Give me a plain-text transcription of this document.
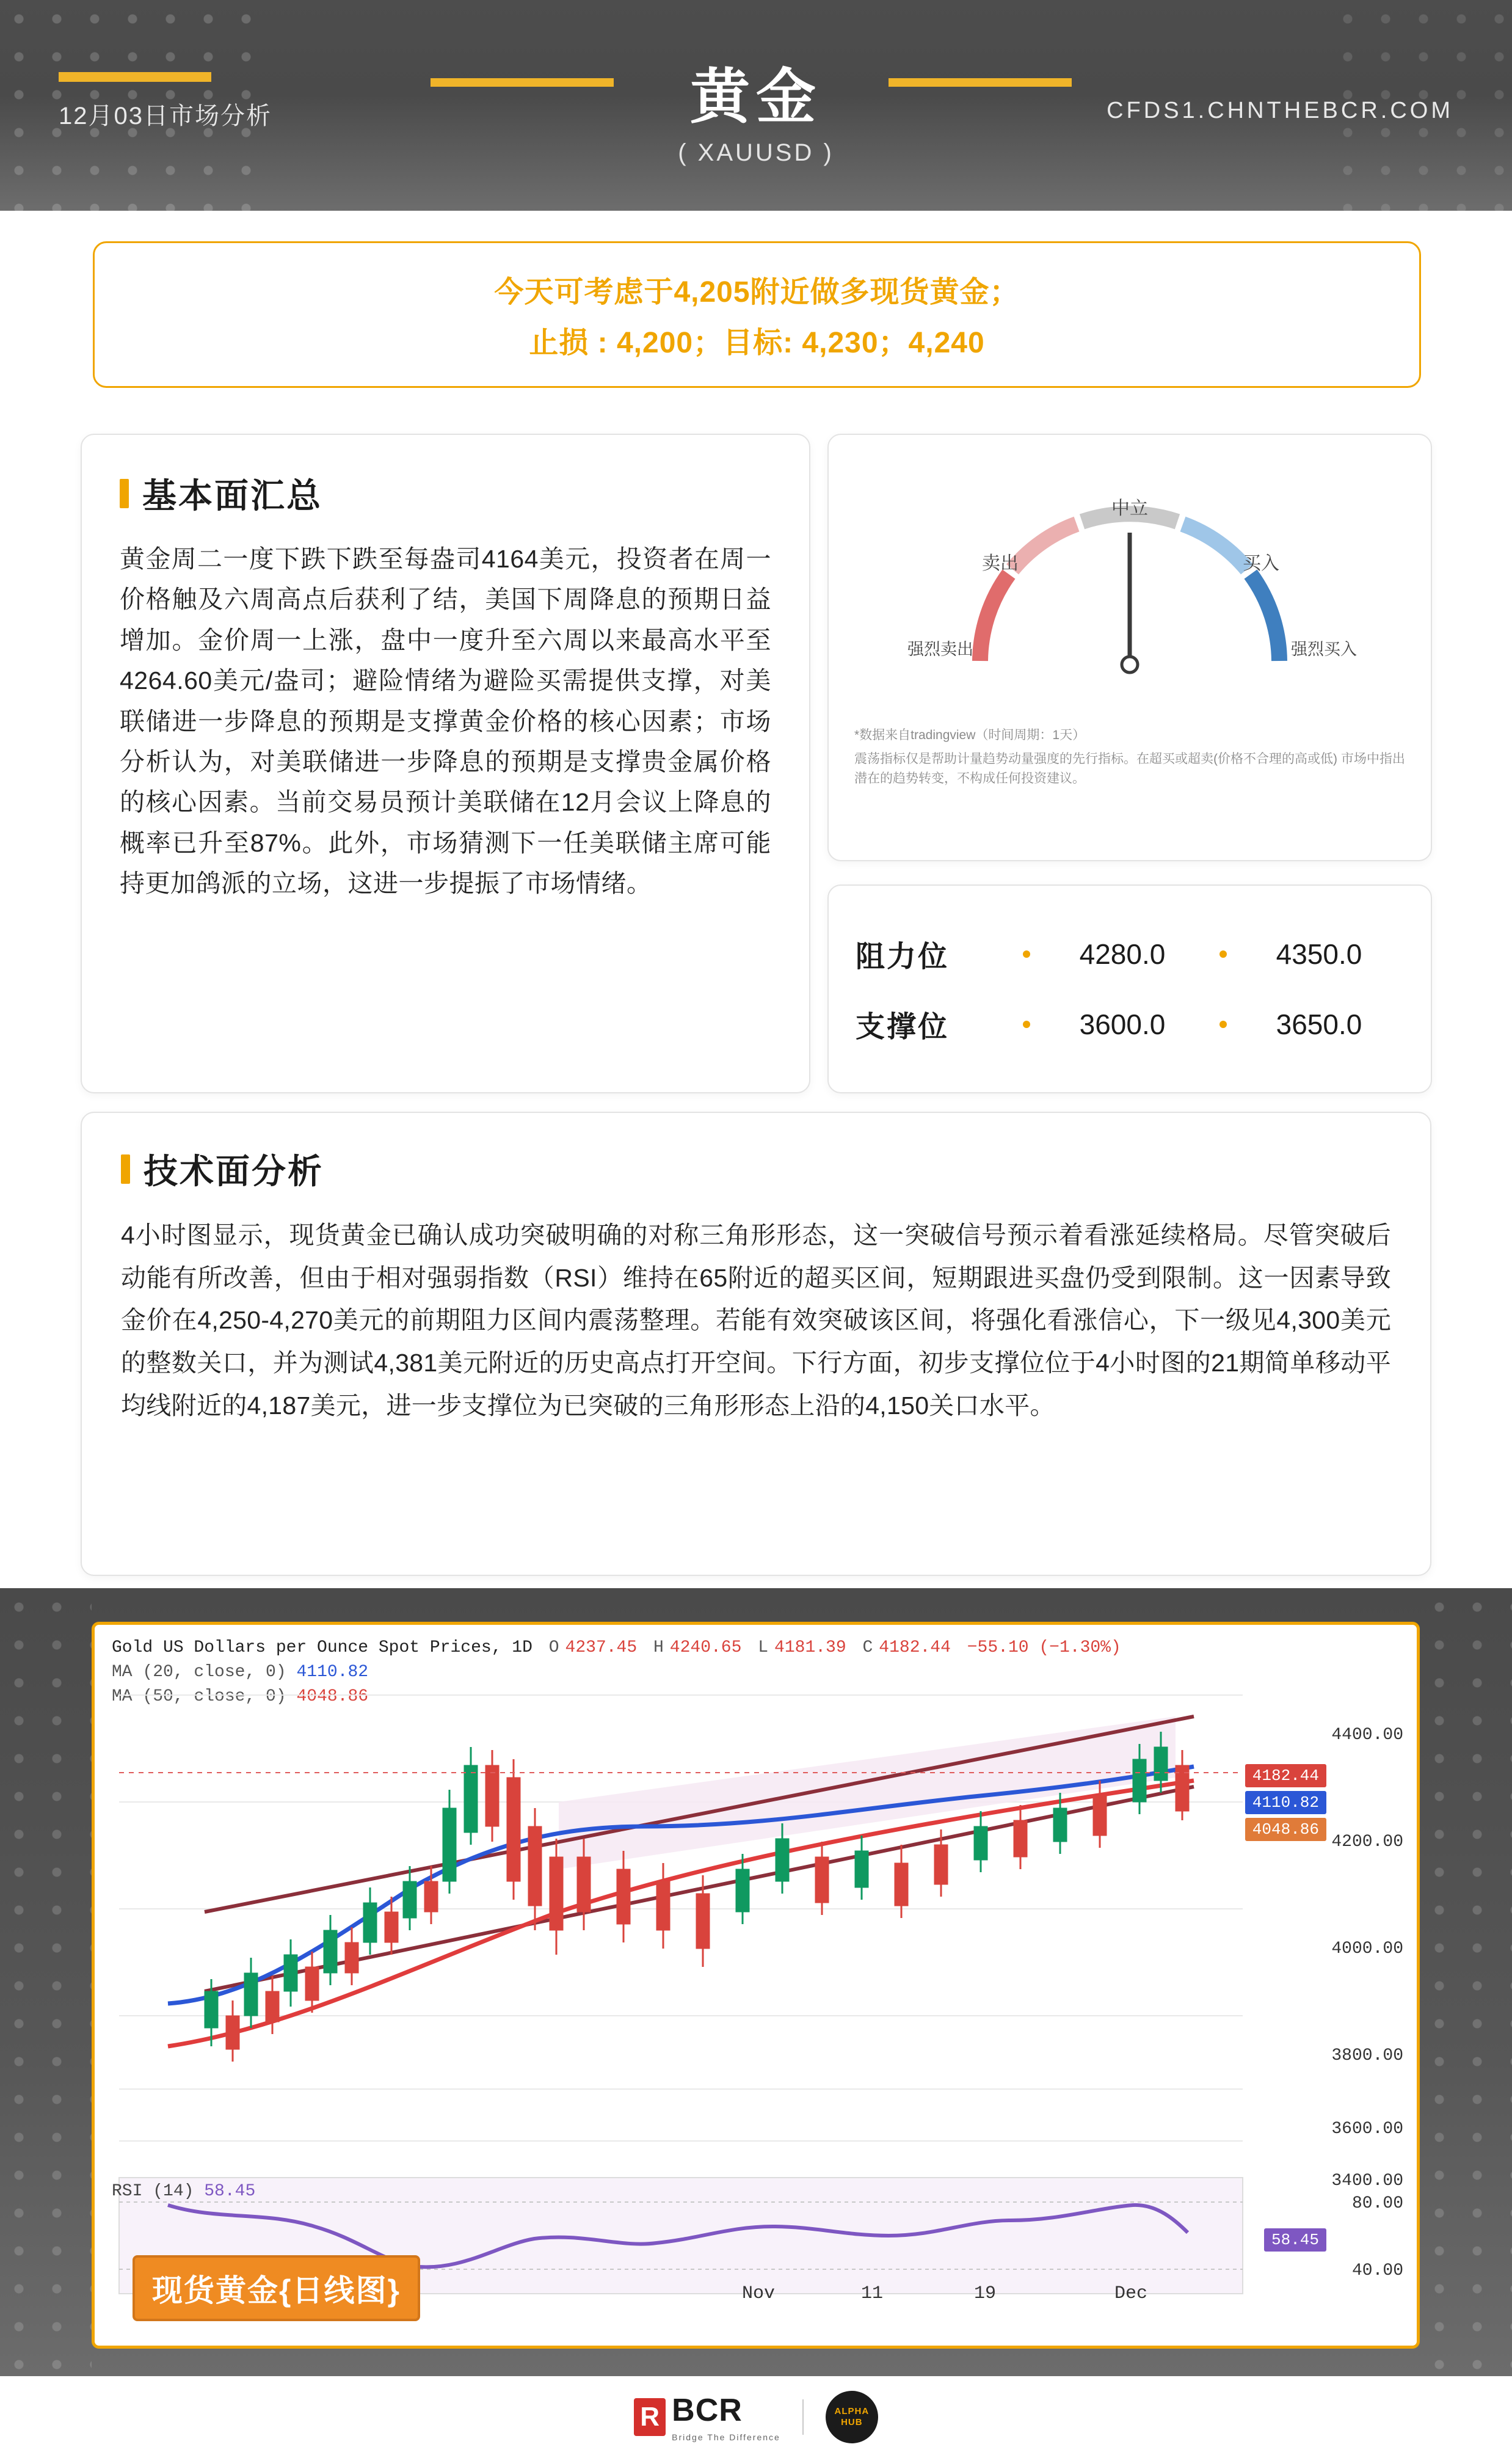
12月03日市场分析	黄金
( XAUUSD )
CFDS1.CHNTHEBCR.COM
今天可考虑于4,205附近做多现货黄金；
止损 : 4,200；目标: 4,230；4,240
基本面汇总
黄金周二一度下跌下跌至每盎司4164美元，投资者在周一价格触及六周高点后获利了结，美国下周降息的预期日益增加。金价周一上涨，盘中一度升至六周以来最高水平至4264.60美元/盎司；避险情绪为避险买需提供支撑，对美联储进一步降息的预期是支撑黄金价格的核心因素；市场分析认为，对美联储进一步降息的预期是支撑贵金属价格的核心因素。当前交易员预计美联储在12月会议上降息的概率已升至87%。此外，市场猜测下一任美联储主席可能持更加鸽派的立场，这进一步提振了市场情绪。
中立
卖出	买入
强烈卖出	强烈买入
*数据来自tradingview（时间周期：1天）
震荡指标仅是帮助计量趋势动量强度的先行指标。在超买或超卖(价格不合理的高或低) 市场中指出潜在的趋势转变，不构成任何投资建议。
阻力位	4280.0	4350.0
支撑位	3600.0	3650.0
技术面分析
4小时图显示，现货黄金已确认成功突破明确的对称三角形形态，这一突破信号预示着看涨延续格局。尽管突破后动能有所改善，但由于相对强弱指数（RSI）维持在65附近的超买区间，短期跟进买盘仍受到限制。这一因素导致金价在4,250-4,270美元的前期阻力区间内震荡整理。若能有效突破该区间，将强化看涨信心，下一级见4,300美元的整数关口，并为测试4,381美元附近的历史高点打开空间。下行方面，初步支撑位位于4小时图的21期简单移动平均线附近的4,187美元，进一步支撑位为已突破的三角形形态上沿的4,150关口水平。
Gold US Dollars per Ounce Spot Prices, 1D O 4237.45 H 4240.65 L 4181.39 C 4182.44 −55.10 (−1.30%)
MA (20, close, 0) 4110.82
MA (50, close, 0) 4048.86
4400.00
4200.00
4000.00
3800.00
3600.00
3400.00
4182.44
4110.82
4048.86
RSI (14) 58.45
80.00
40.00
58.45
Nov	11	19	Dec
现货黄金{日线图}
R BCR
Bridge The Difference
ALPHA
HUB
